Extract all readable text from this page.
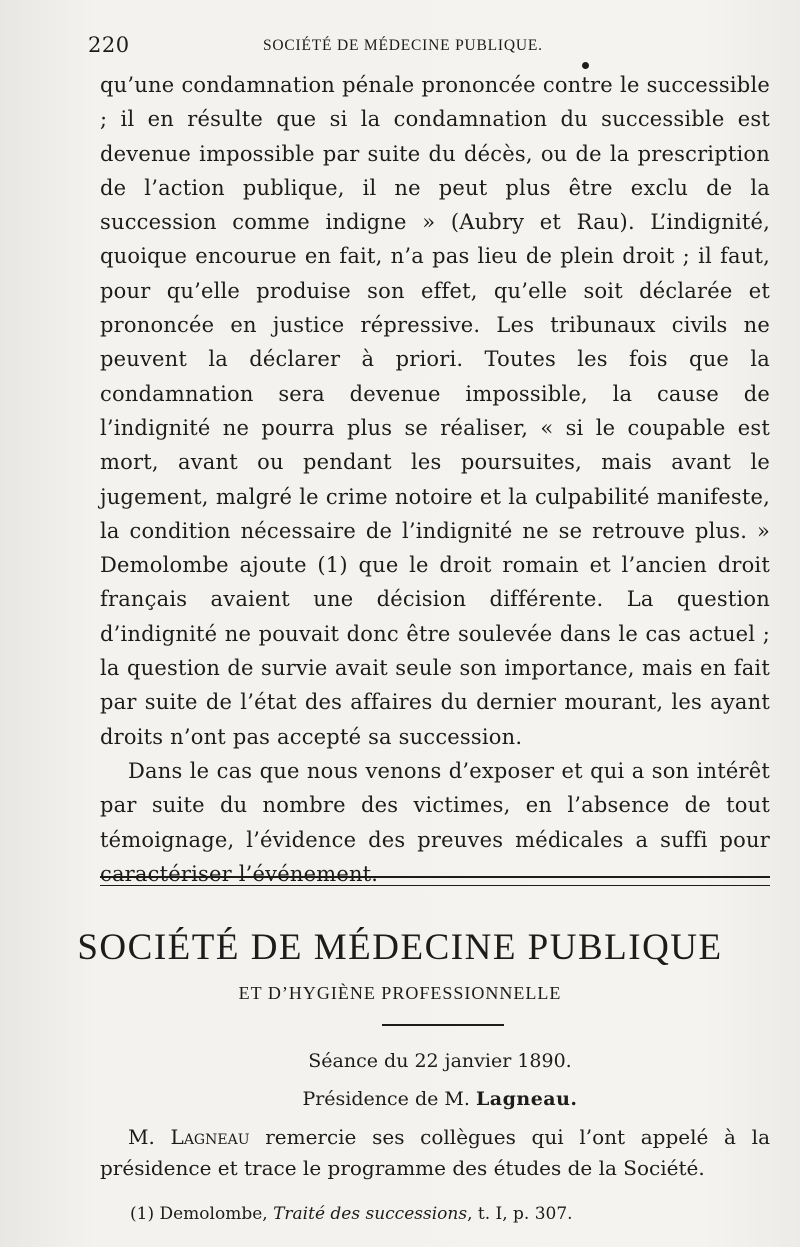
220	SOCIÉTÉ DE MÉDECINE PUBLIQUE.

qu’une condamnation pénale prononcée contre le successible ; il en résulte que si la condamnation du successible est devenue impossible par suite du décès, ou de la prescription de l’action publique, il ne peut plus être exclu de la succession comme indigne » (Aubry et Rau). L’indignité, quoique encourue en fait, n’a pas lieu de plein droit ; il faut, pour qu’elle produise son effet, qu’elle soit déclarée et prononcée en justice répressive. Les tribunaux civils ne peuvent la déclarer à priori. Toutes les fois que la condamnation sera devenue impossible, la cause de l’indignité ne pourra plus se réaliser, « si le coupable est mort, avant ou pendant les poursuites, mais avant le jugement, malgré le crime notoire et la culpabilité manifeste, la condition nécessaire de l’indignité ne se retrouve plus. » Demolombe ajoute (1) que le droit romain et l’ancien droit français avaient une décision différente. La question d’indignité ne pouvait donc être soulevée dans le cas actuel ; la question de survie avait seule son importance, mais en fait par suite de l’état des affaires du dernier mourant, les ayant droits n’ont pas accepté sa succession.

Dans le cas que nous venons d’exposer et qui a son intérêt par suite du nombre des victimes, en l’absence de tout témoignage, l’évidence des preuves médicales a suffi pour caractériser l’événement.

SOCIÉTÉ DE MÉDECINE PUBLIQUE
ET D’HYGIÈNE PROFESSIONNELLE
Séance du 22 janvier 1890.
Présidence de M. Lagneau.

M. Lagneau remercie ses collègues qui l’ont appelé à la présidence et trace le programme des études de la Société.

(1) Demolombe, Traité des successions, t. I, p. 307.
